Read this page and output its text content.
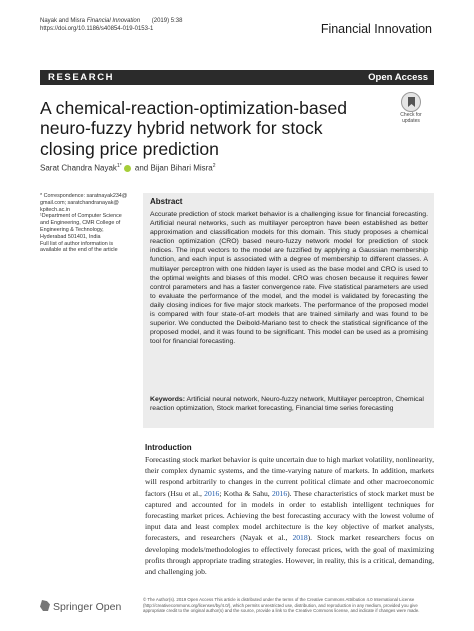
Nayak and Misra Financial Innovation (2019) 5:38
https://doi.org/10.1186/s40854-019-0153-1	Financial Innovation
RESEARCH	Open Access
Check for
updates
A chemical-reaction-optimization-based neuro-fuzzy hybrid network for stock closing price prediction
Sarat Chandra Nayak$^{1*}$ and Bijan Bihari Misra$^2$
* Correspondence: saratnayak234@
gmail.com; saratchandranayak@
kpitech.ac.in
¹Department of Computer Science
and Engineering, CMR College of
Engineering & Technology,
Hyderabad 501401, India
Full list of author information is
available at the end of the article
Abstract
Accurate prediction of stock market behavior is a challenging issue for financial forecasting. Artificial neural networks, such as multilayer perceptron have been established as better approximation and classification models for this domain. This study proposes a chemical reaction optimization (CRO) based neuro-fuzzy network model for prediction of stock indices. The input vectors to the model are fuzzified by applying a Gaussian membership function, and each input is associated with a degree of membership to different classes. A multilayer perceptron with one hidden layer is used as the base model and CRO is used to the optimal weights and biases of this model. CRO was chosen because it requires fewer control parameters and has a faster convergence rate. Five statistical parameters are used to evaluate the performance of the model, and the model is validated by forecasting the daily closing indices for five major stock markets. The performance of the proposed model is compared with four state-of-art models that are trained similarly and was found to be superior. We conducted the Deibold-Mariano test to check the statistical significance of the proposed model, and it was found to be significant. This model can be used as a promising tool for financial forecasting.
Keywords: Artificial neural network, Neuro-fuzzy network, Multilayer perceptron, Chemical reaction optimization, Stock market forecasting, Financial time series forecasting
Introduction
Forecasting stock market behavior is quite uncertain due to high market volatility, nonlinearity, their complex dynamic systems, and the time-varying nature of markets. In addition, markets will respond arbitrarily to changes in the current political climate and other macroeconomic factors (Hsu et al., 2016; Kotha & Sahu, 2016). These characteristics of stock market must be captured and accounted for in models in order to establish intelligent techniques for forecasting market prices. Achieving the best forecasting accuracy with the lowest volume of input data and least complex model architecture is the key objective of market analysts, forecasters, and researchers (Nayak et al., 2018). Stock market researchers focus on developing models/methodologies to effectively forecast prices, with the goal of maximizing profits through appropriate trading strategies. However, in reality, this is a critical, demanding, and challenging job.
Springer Open
© The Author(s). 2019 Open Access This article is distributed under the terms of the Creative Commons Attribution 4.0 International License (http://creativecommons.org/licenses/by/4.0/), which permits unrestricted use, distribution, and reproduction in any medium, provided you give appropriate credit to the original author(s) and the source, provide a link to the Creative Commons license, and indicate if changes were made.
